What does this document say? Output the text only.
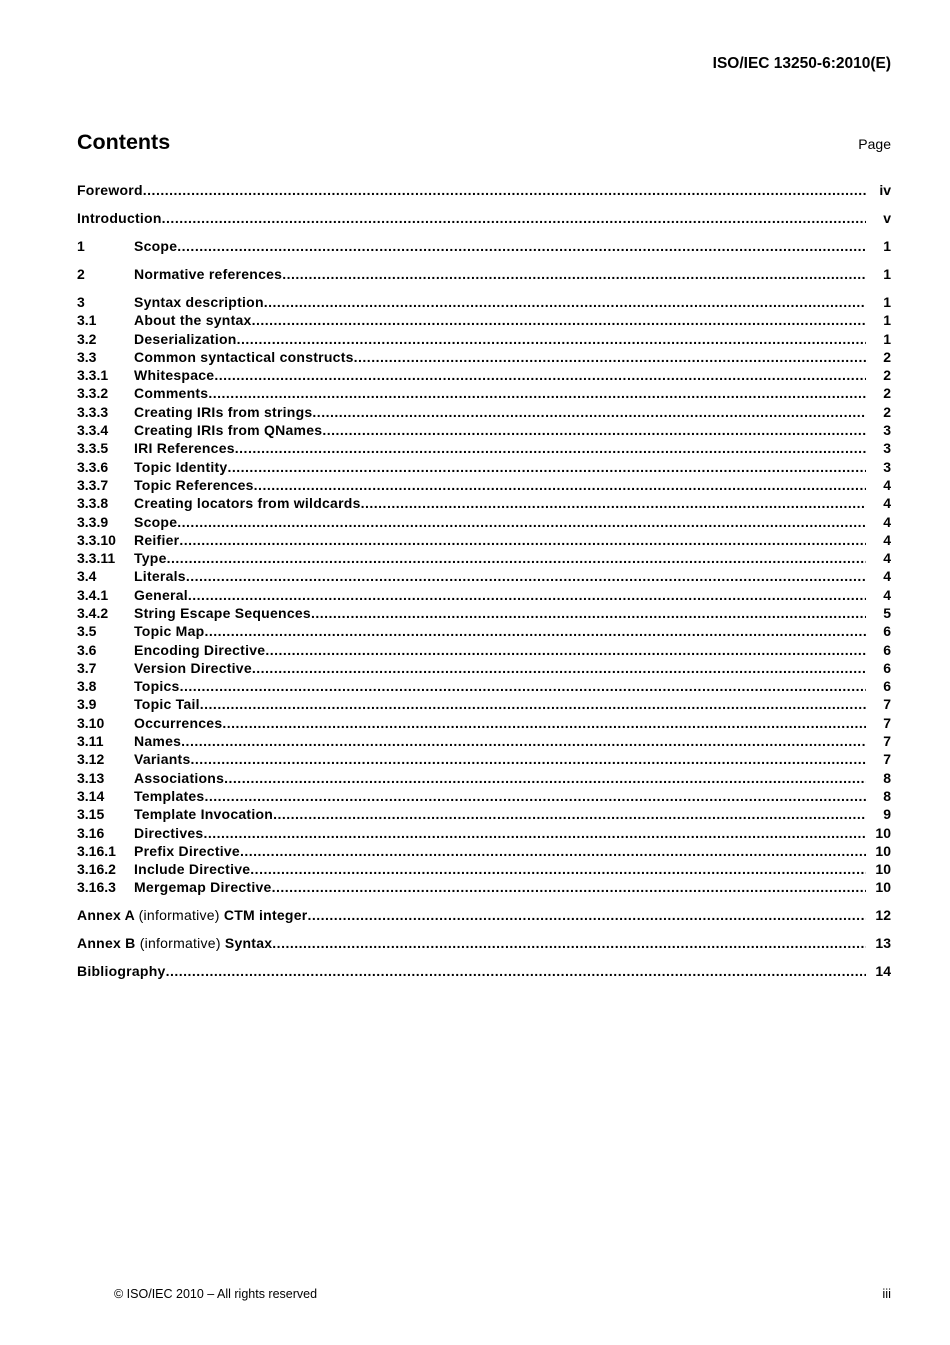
ISO/IEC 13250-6:2010(E)
Contents	Page
Foreword .....	iv
Introduction .....	v
1	Scope .....	1
2	Normative references .....	1
3	Syntax description .....	1
3.1	About the syntax .....	1
3.2	Deserialization .....	1
3.3	Common syntactical constructs .....	2
3.3.1	Whitespace .....	2
3.3.2	Comments .....	2
3.3.3	Creating IRIs from strings .....	2
3.3.4	Creating IRIs from QNames .....	3
3.3.5	IRI References .....	3
3.3.6	Topic Identity .....	3
3.3.7	Topic References .....	4
3.3.8	Creating locators from wildcards .....	4
3.3.9	Scope .....	4
3.3.10	Reifier .....	4
3.3.11	Type .....	4
3.4	Literals .....	4
3.4.1	General .....	4
3.4.2	String Escape Sequences .....	5
3.5	Topic Map .....	6
3.6	Encoding Directive .....	6
3.7	Version Directive .....	6
3.8	Topics .....	6
3.9	Topic Tail .....	7
3.10	Occurrences .....	7
3.11	Names .....	7
3.12	Variants .....	7
3.13	Associations .....	8
3.14	Templates .....	8
3.15	Template Invocation .....	9
3.16	Directives .....	10
3.16.1	Prefix Directive .....	10
3.16.2	Include Directive .....	10
3.16.3	Mergemap Directive .....	10
Annex A (informative) CTM integer .....	12
Annex B (informative) Syntax .....	13
Bibliography .....	14
© ISO/IEC 2010 – All rights reserved	iii
